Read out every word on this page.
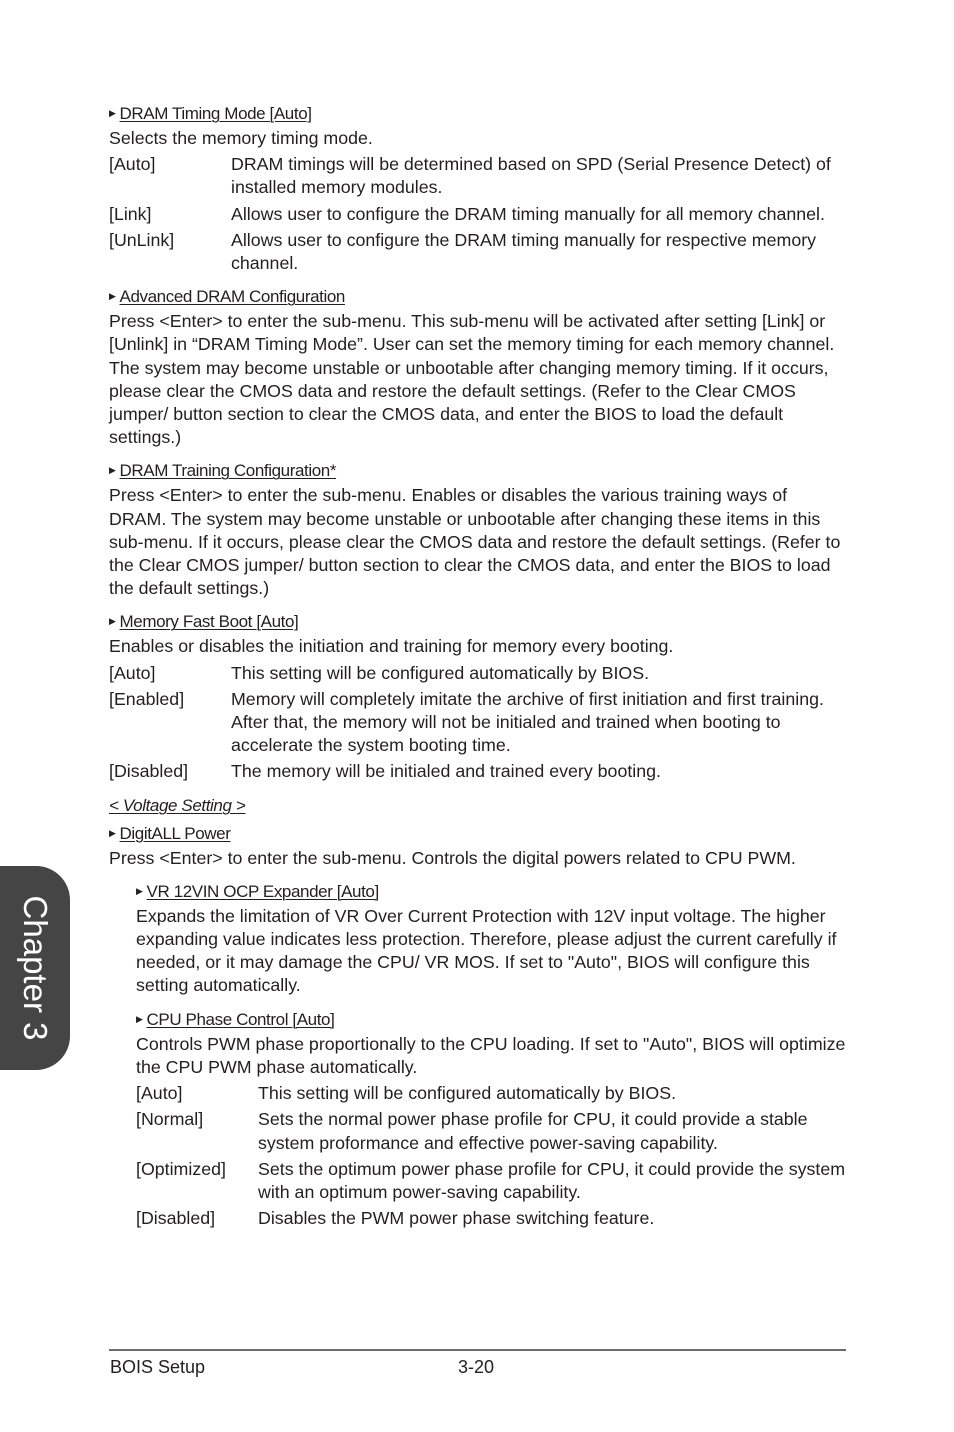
Chapter 3
▶ DRAM Timing Mode [Auto]
Selects the memory timing mode.
[Auto]	DRAM timings will be determined based on SPD (Serial Presence Detect) of installed memory modules.
[Link]	Allows user to configure the DRAM timing manually for all memory channel.
[UnLink]	Allows user to configure the DRAM timing manually for respective memory channel.
▶ Advanced DRAM Configuration
Press <Enter> to enter the sub-menu. This sub-menu will be activated after setting [Link] or [Unlink] in “DRAM Timing Mode”. User can set the memory timing for each memory channel. The system may become unstable or unbootable after changing memory timing. If it occurs, please clear the CMOS data and restore the default settings. (Refer to the Clear CMOS jumper/ button section to clear the CMOS data, and enter the BIOS to load the default settings.)
▶ DRAM Training Configuration*
Press <Enter> to enter the sub-menu. Enables or disables the various training ways of DRAM. The system may become unstable or unbootable after changing these items in this sub-menu. If it occurs, please clear the CMOS data and restore the default settings. (Refer to the Clear CMOS jumper/ button section to clear the CMOS data, and enter the BIOS to load the default settings.)
▶ Memory Fast Boot [Auto]
Enables or disables the initiation and training for memory every booting.
[Auto]	This setting will be configured automatically by BIOS.
[Enabled]	Memory will completely imitate the archive of first initiation and first training. After that, the memory will not be initialed and trained when booting to accelerate the system booting time.
[Disabled]	The memory will be initialed and trained every booting.
< Voltage Setting >
▶ DigitALL Power
Press <Enter> to enter the sub-menu. Controls the digital powers related to CPU PWM.
▶ VR 12VIN OCP Expander [Auto]
Expands the limitation of VR Over Current Protection with 12V input voltage. The higher expanding value indicates less protection. Therefore, please adjust the current carefully if needed, or it may damage the CPU/ VR MOS. If set to "Auto", BIOS will configure this setting automatically.
▶ CPU Phase Control [Auto]
Controls PWM phase proportionally to the CPU loading. If set to "Auto", BIOS will optimize the CPU PWM phase automatically.
[Auto]	This setting will be configured automatically by BIOS.
[Normal]	Sets the normal power phase profile for CPU, it could provide a stable system proformance and effective power-saving capability.
[Optimized]	Sets the optimum power phase profile for CPU, it could provide the system with an optimum power-saving capability.
[Disabled]	Disables the PWM power phase switching feature.
BOIS Setup	3-20
